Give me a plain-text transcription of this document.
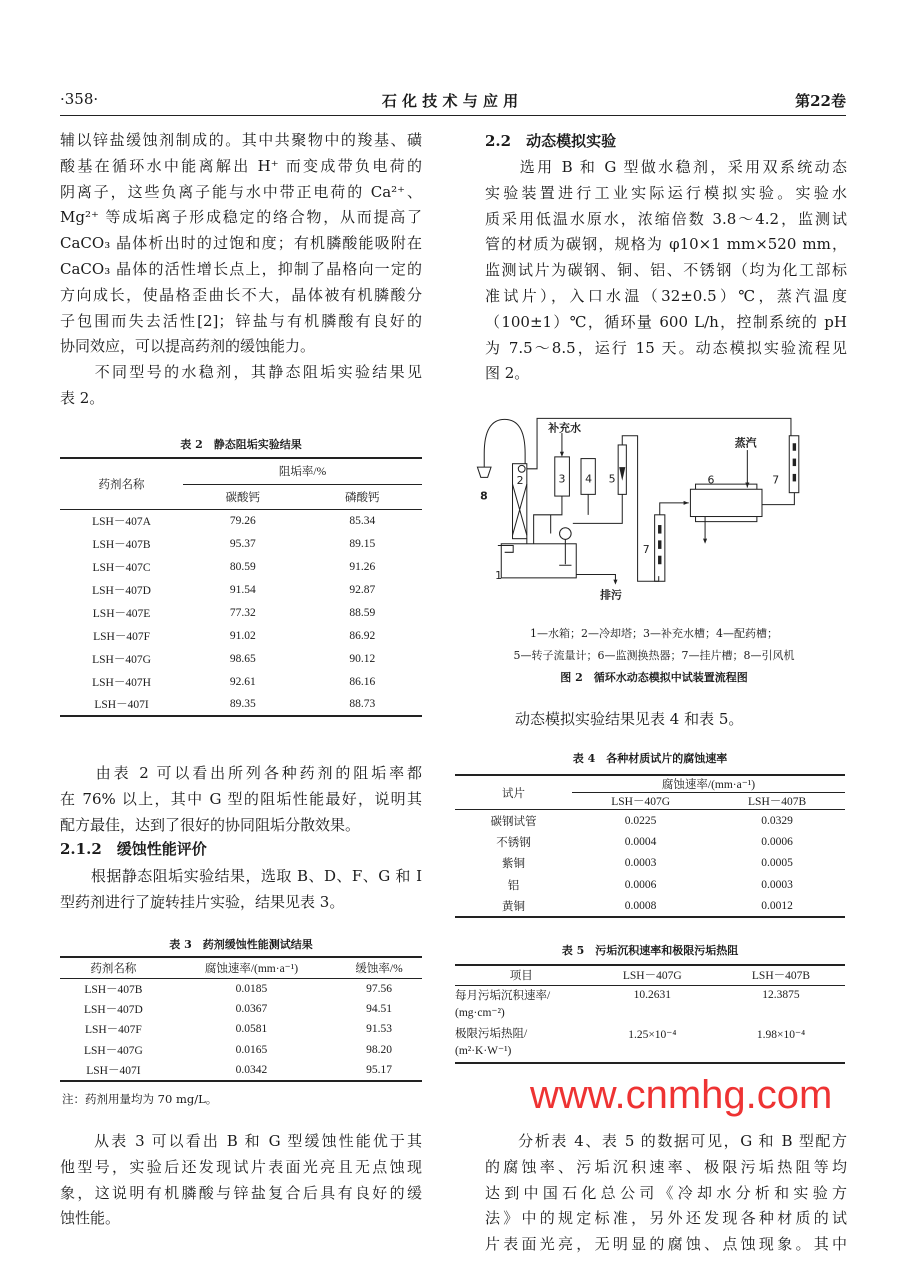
·358·	石 化 技 术 与 应 用	第22卷
辅以锌盐缓蚀剂制成的。其中共聚物中的羧基、磺
酸基在循环水中能离解出 H⁺ 而变成带负电荷的
阴离子，这些负离子能与水中带正电荷的 Ca²⁺、
Mg²⁺ 等成垢离子形成稳定的络合物，从而提高了
CaCO₃ 晶体析出时的过饱和度；有机膦酸能吸附在
CaCO₃ 晶体的活性增长点上，抑制了晶格向一定的
方向成长，使晶格歪曲长不大，晶体被有机膦酸分
子包围而失去活性[2]；锌盐与有机膦酸有良好的
协同效应，可以提高药剂的缓蚀能力。
　　不同型号的水稳剂，其静态阻垢实验结果见
表 2。
表 2　静态阻垢实验结果
药剂名称	阻垢率/%	
	碳酸钙	磷酸钙
LSH－407A	79.26	85.34
LSH－407B	95.37	89.15
LSH－407C	80.59	91.26
LSH－407D	91.54	92.87
LSH－407E	77.32	88.59
LSH－407F	91.02	86.92
LSH－407G	98.65	90.12
LSH－407H	92.61	86.16
LSH－407I	89.35	88.73
　　由表 2 可以看出所列各种药剂的阻垢率都
在 76% 以上，其中 G 型的阻垢性能最好，说明其
配方最佳，达到了很好的协同阻垢分散效果。
2.1.2　缓蚀性能评价
　　根据静态阻垢实验结果，选取 B、D、F、G 和 I
型药剂进行了旋转挂片实验，结果见表 3。
表 3　药剂缓蚀性能测试结果
药剂名称	腐蚀速率/(mm·a⁻¹)	缓蚀率/%
LSH－407B	0.0185	97.56
LSH－407D	0.0367	94.51
LSH－407F	0.0581	91.53
LSH－407G	0.0165	98.20
LSH－407I	0.0342	95.17
注：药剂用量均为 70 mg/L。
　　从表 3 可以看出 B 和 G 型缓蚀性能优于其
他型号，实验后还发现试片表面光亮且无点蚀现
象，这说明有机膦酸与锌盐复合后具有良好的缓
蚀性能。
2.2　动态模拟实验
　　选用 B 和 G 型做水稳剂，采用双系统动态
实验装置进行工业实际运行模拟实验。实验水
质采用低温水原水，浓缩倍数 3.8～4.2，监测试
管的材质为碳钢，规格为 φ10×1 mm×520 mm，
监测试片为碳钢、铜、铝、不锈钢（均为化工部标
准试片），入口水温（32±0.5）℃，蒸汽温度
（100±1）℃，循环量 600 L/h，控制系统的 pH
为 7.5～8.5，运行 15 天。动态模拟实验流程见
图 2。
补充水
蒸汽
排污
1
2 3 4 5	6 7
7
8
1—水箱；2—冷却塔；3—补充水槽；4—配药槽；
5—转子流量计；6—监测换热器；7—挂片槽；8—引风机
图 2　循环水动态模拟中试装置流程图
　　动态模拟实验结果见表 4 和表 5。
表 4　各种材质试片的腐蚀速率
试片	腐蚀速率/(mm·a⁻¹)	
	LSH－407G	LSH－407B
碳钢试管	0.0225	0.0329
不锈钢	0.0004	0.0006
紫铜	0.0003	0.0005
铝	0.0006	0.0003
黄铜	0.0008	0.0012
表 5　污垢沉积速率和极限污垢热阻
项目	LSH－407G	LSH－407B

每月污垢沉积速率/
(mg·cm⁻²)	10.2631	12.3875

极限污垢热阻/
(m²·K·W⁻¹)	1.25×10⁻⁴	1.98×10⁻⁴
www.cnmhg.com
　　分析表 4、表 5 的数据可见，G 和 B 型配方
的腐蚀率、污垢沉积速率、极限污垢热阻等均
达到中国石化总公司《冷却水分析和实验方
法》中的规定标准，另外还发现各种材质的试
片表面光亮，无明显的腐蚀、点蚀现象。其中
